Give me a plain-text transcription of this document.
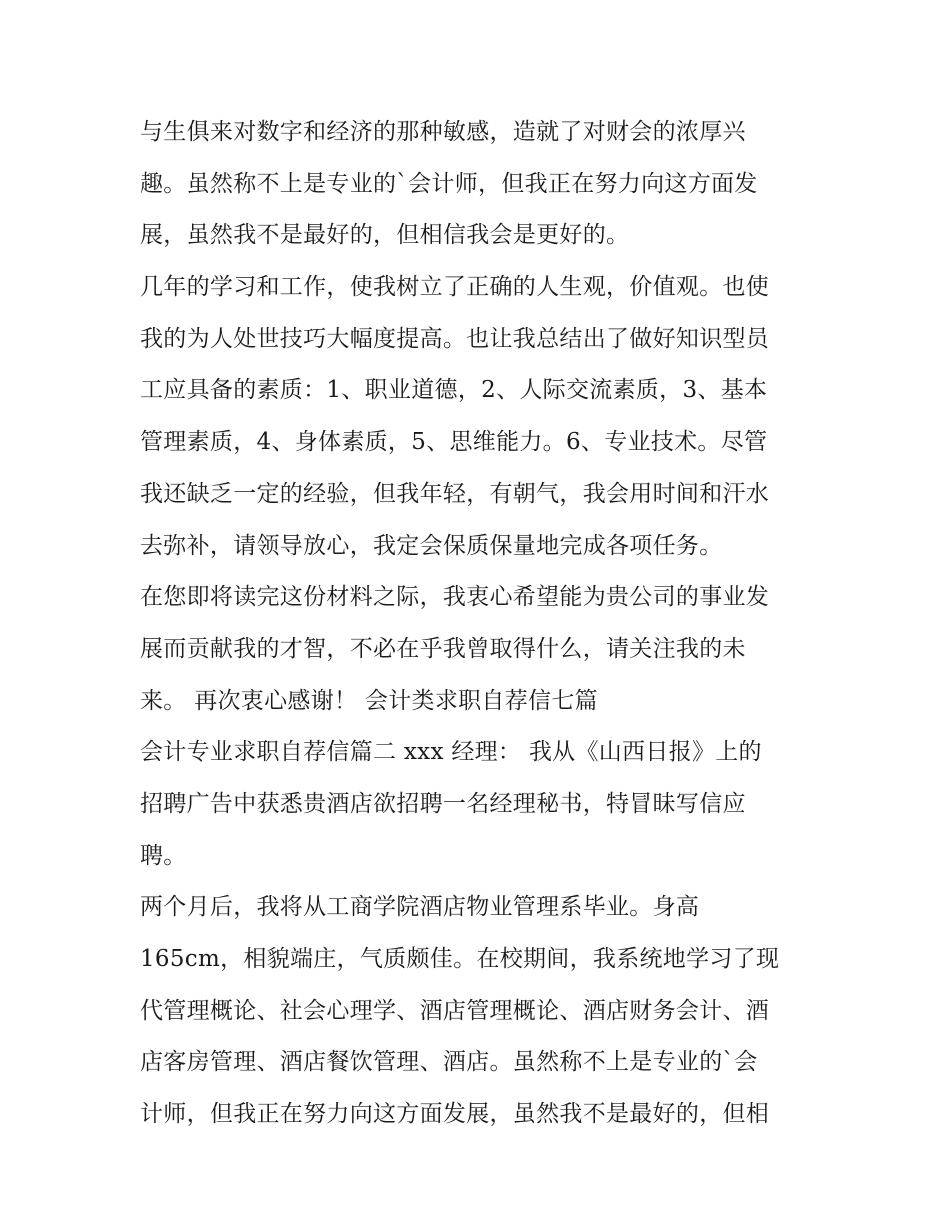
与生俱来对数字和经济的那种敏感，造就了对财会的浓厚兴
趣。虽然称不上是专业的`会计师，但我正在努力向这方面发
展，虽然我不是最好的，但相信我会是更好的。
几年的学习和工作，使我树立了正确的人生观，价值观。也使
我的为人处世技巧大幅度提高。也让我总结出了做好知识型员
工应具备的素质：1、职业道德，2、人际交流素质，3、基本
管理素质，4、身体素质，5、思维能力。6、专业技术。尽管
我还缺乏一定的经验，但我年轻，有朝气，我会用时间和汗水
去弥补，请领导放心，我定会保质保量地完成各项任务。
在您即将读完这份材料之际，我衷心希望能为贵公司的事业发
展而贡献我的才智，不必在乎我曾取得什么，请关注我的未
来。 再次衷心感谢！ 会计类求职自荐信七篇
会计专业求职自荐信篇二 xxx 经理： 我从《山西日报》上的
招聘广告中获悉贵酒店欲招聘一名经理秘书，特冒昧写信应
聘。
两个月后，我将从工商学院酒店物业管理系毕业。身高
165cm，相貌端庄，气质颇佳。在校期间，我系统地学习了现
代管理概论、社会心理学、酒店管理概论、酒店财务会计、酒
店客房管理、酒店餐饮管理、酒店。虽然称不上是专业的`会
计师，但我正在努力向这方面发展，虽然我不是最好的，但相
